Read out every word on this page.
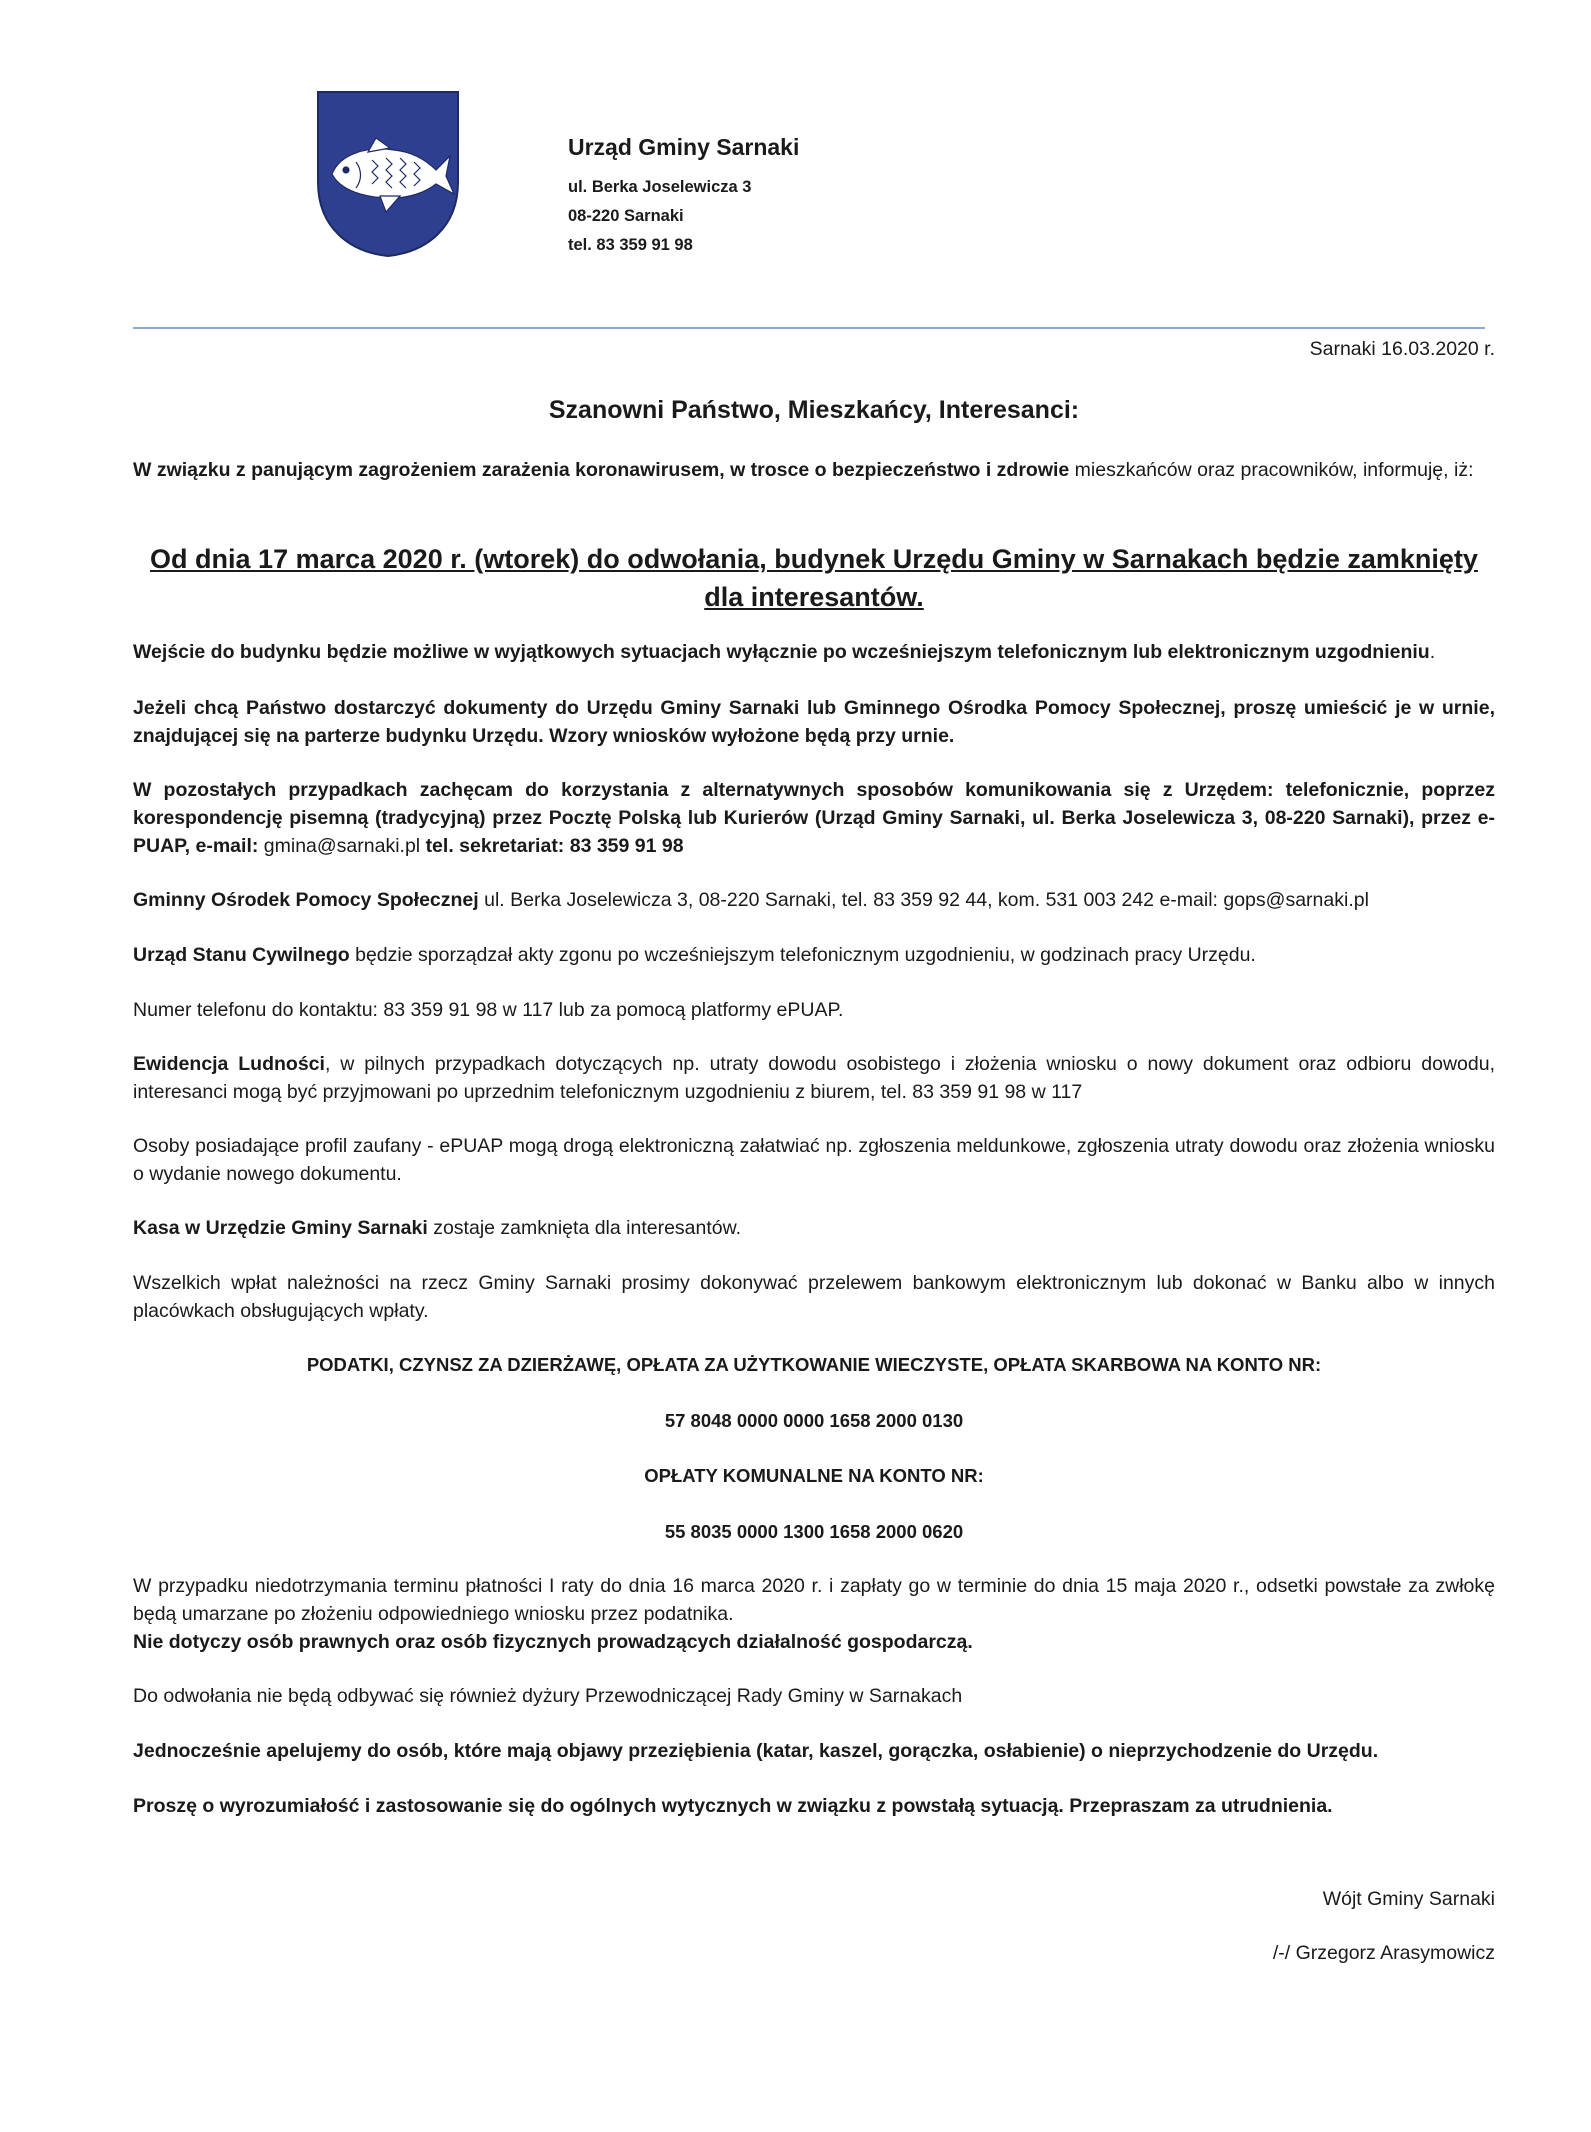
Urząd Gminy Sarnaki
ul. Berka Joselewicza 3
08-220 Sarnaki
tel. 83 359 91 98
Sarnaki 16.03.2020 r.
Szanowni Państwo, Mieszkańcy, Interesanci:
W związku z panującym zagrożeniem zarażenia koronawirusem, w trosce o bezpieczeństwo i zdrowie mieszkańców oraz pracowników, informuję, iż:
Od dnia 17 marca 2020 r. (wtorek) do odwołania, budynek Urzędu Gminy w Sarnakach będzie zamknięty dla interesantów.
Wejście do budynku będzie możliwe w wyjątkowych sytuacjach wyłącznie po wcześniejszym telefonicznym lub elektronicznym uzgodnieniu.
Jeżeli chcą Państwo dostarczyć dokumenty do Urzędu Gminy Sarnaki lub Gminnego Ośrodka Pomocy Społecznej, proszę umieścić je w urnie, znajdującej się na parterze budynku Urzędu. Wzory wniosków wyłożone będą przy urnie.
W pozostałych przypadkach zachęcam do korzystania z alternatywnych sposobów komunikowania się z Urzędem: telefonicznie, poprzez korespondencję pisemną (tradycyjną) przez Pocztę Polską lub Kurierów (Urząd Gminy Sarnaki, ul. Berka Joselewicza 3, 08-220 Sarnaki), przez e-PUAP, e-mail: gmina@sarnaki.pl tel. sekretariat: 83 359 91 98
Gminny Ośrodek Pomocy Społecznej ul. Berka Joselewicza 3, 08-220 Sarnaki, tel. 83 359 92 44, kom. 531 003 242 e-mail: gops@sarnaki.pl
Urząd Stanu Cywilnego będzie sporządzał akty zgonu po wcześniejszym telefonicznym uzgodnieniu, w godzinach pracy Urzędu.
Numer telefonu do kontaktu: 83 359 91 98 w 117 lub za pomocą platformy ePUAP.
Ewidencja Ludności, w pilnych przypadkach dotyczących np. utraty dowodu osobistego i złożenia wniosku o nowy dokument oraz odbioru dowodu, interesanci mogą być przyjmowani po uprzednim telefonicznym uzgodnieniu z biurem, tel. 83 359 91 98 w 117
Osoby posiadające profil zaufany - ePUAP mogą drogą elektroniczną załatwiać np. zgłoszenia meldunkowe, zgłoszenia utraty dowodu oraz złożenia wniosku o wydanie nowego dokumentu.
Kasa w Urzędzie Gminy Sarnaki zostaje zamknięta dla interesantów.
Wszelkich wpłat należności na rzecz Gminy Sarnaki prosimy dokonywać przelewem bankowym elektronicznym lub dokonać w Banku albo w innych placówkach obsługujących wpłaty.
PODATKI, CZYNSZ ZA DZIERŻAWĘ, OPŁATA ZA UŻYTKOWANIE WIECZYSTE, OPŁATA SKARBOWA NA KONTO NR:
57 8048 0000 0000 1658 2000 0130
OPŁATY KOMUNALNE NA KONTO NR:
55 8035 0000 1300 1658 2000 0620
W przypadku niedotrzymania terminu płatności I raty do dnia 16 marca 2020 r. i zapłaty go w terminie do dnia 15 maja 2020 r., odsetki powstałe za zwłokę będą umarzane po złożeniu odpowiedniego wniosku przez podatnika.
Nie dotyczy osób prawnych oraz osób fizycznych prowadzących działalność gospodarczą.
Do odwołania nie będą odbywać się również dyżury Przewodniczącej Rady Gminy w Sarnakach
Jednocześnie apelujemy do osób, które mają objawy przeziębienia (katar, kaszel, gorączka, osłabienie) o nieprzychodzenie do Urzędu.
Proszę o wyrozumiałość i zastosowanie się do ogólnych wytycznych w związku z powstałą sytuacją. Przepraszam za utrudnienia.
Wójt Gminy Sarnaki
/-/ Grzegorz Arasymowicz
